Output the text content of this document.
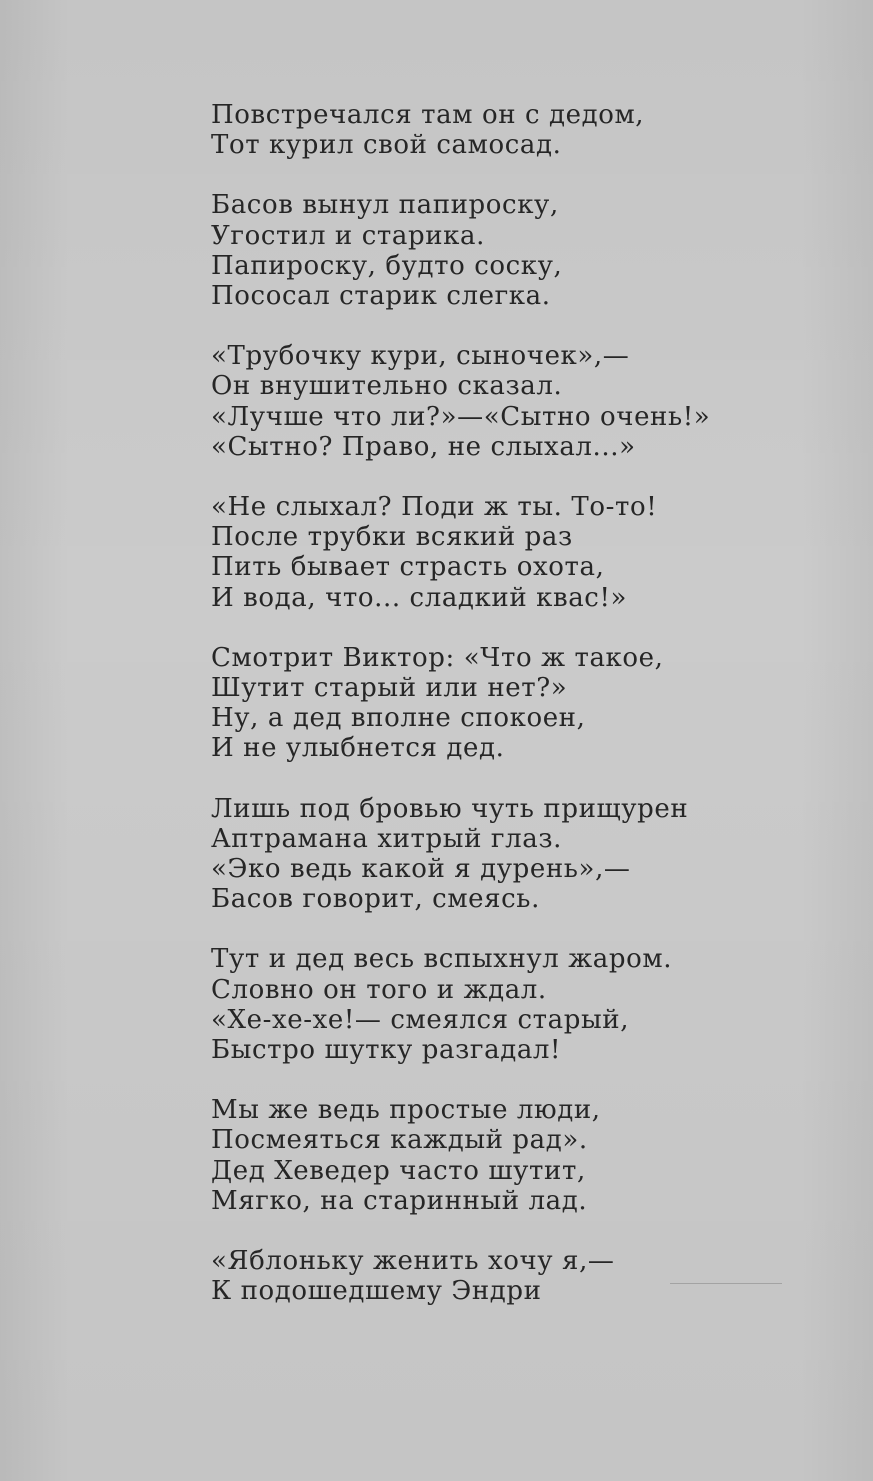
Повстречался там он с дедом,
Тот курил свой самосад.
Басов вынул папироску,
Угостил и старика.
Папироску, будто соску,
Пососал старик слегка.
«Трубочку кури, сыночек»,—
Он внушительно сказал.
«Лучше что ли?»—«Сытно очень!»
«Сытно? Право, не слыхал...»
«Не слыхал? Поди ж ты. То-то!
После трубки всякий раз
Пить бывает страсть охота,
И вода, что... сладкий квас!»
Смотрит Виктор: «Что ж такое,
Шутит старый или нет?»
Ну, а дед вполне спокоен,
И не улыбнется дед.
Лишь под бровью чуть прищурен
Аптрамана хитрый глаз.
«Эко ведь какой я дурень»,—
Басов говорит, смеясь.
Тут и дед весь вспыхнул жаром.
Словно он того и ждал.
«Хе-хе-хе!— смеялся старый,
Быстро шутку разгадал!
Мы же ведь простые люди,
Посмеяться каждый рад».
Дед Хеведер часто шутит,
Мягко, на старинный лад.
«Яблоньку женить хочу я,—
К подошедшему Эндри
